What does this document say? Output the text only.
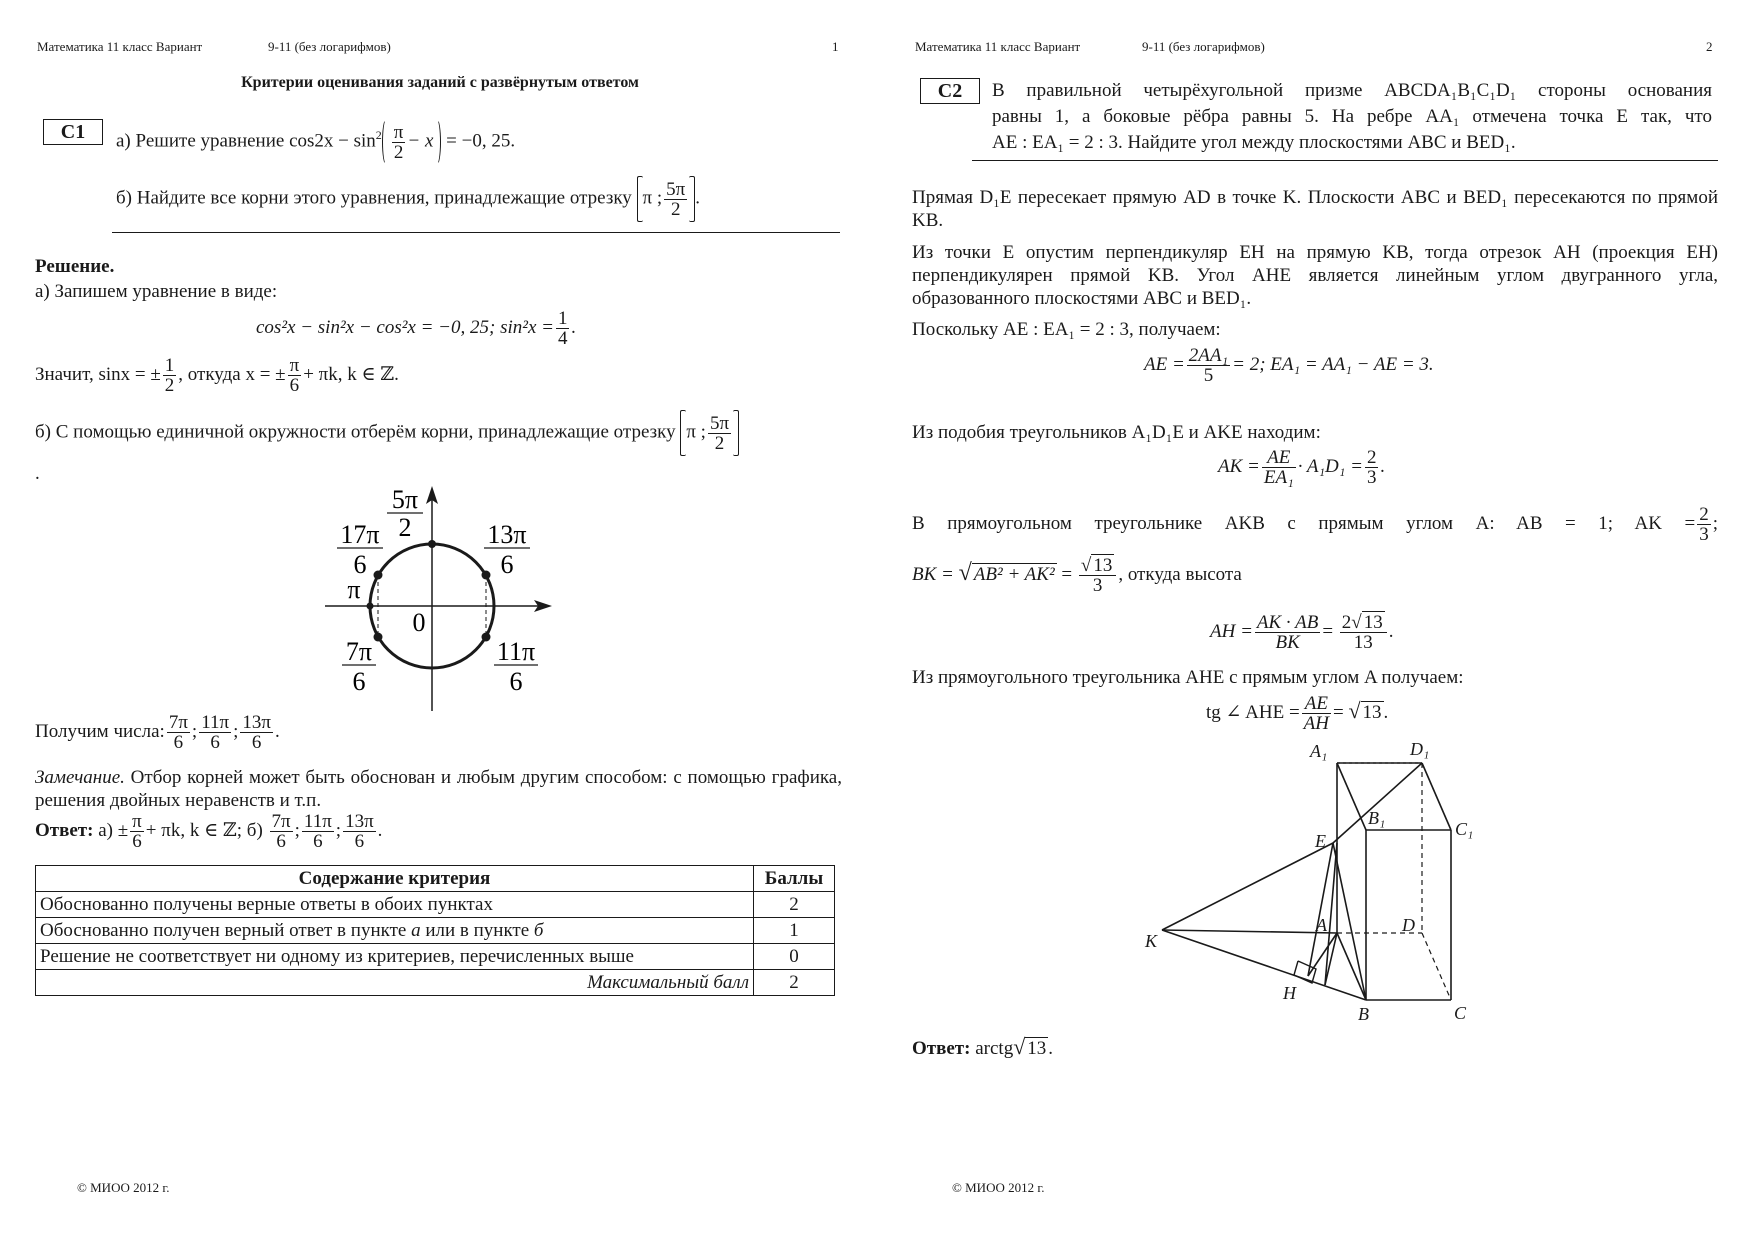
Математика 11 класс Вариант	9-11 (без логарифмов)	1
Критерии оценивания заданий с развёрнутым ответом
С1	а) Решите уравнение $\cos 2x - \sin^2 \frac{\pi}{2} - x = -0$, 25.
б) Найдите все корни этого уравнения, принадлежащие отрезку π ; $\frac{5\pi}{2}$ .
Решение.
а) Запишем уравнение в виде:
cos²x − sin²x − cos²x = −0, 25; $\sin^2x = \frac{1}{4}$ .
Значит, sinx = ± $\frac{1}{2}$ , откуда x = ± $\frac{\pi}{6} + \pi k$, k ∈ ℤ.
б) С помощью единичной окружности отберём корни, принадлежащие отрезку π ; $\frac{5\pi}{2}$
.
5π
2
17π
6
13π
6
π
0
7π
6
11π
6
Получим числа: $\frac{7\pi}{6}$ ; $\frac{11\pi}{6}$ ; $\frac{13\pi}{6}$ .
Замечание. Отбор корней может быть обоснован и любым другим способом: с помощью графика, решения двойных неравенств и т.п.
Ответ: $а) \pm \frac{\pi}{6} + \pi k$, k ∈ ℤ; $б) \frac{7\pi}{6}$ ; $\frac{11\pi}{6}$ ; $\frac{13\pi}{6}$ .
Содержание критерия	Баллы
Обоснованно получены верные ответы в обоих пунктах	2
Обоснованно получен верный ответ в пункте а или в пункте б	1
Решение не соответствует ни одному из критериев, перечисленных выше	0
Максимальный балл	2
© МИОО 2012 г.
Математика 11 класс Вариант	9-11 (без логарифмов)	2
С2	В правильной четырёхугольной призме ABCDA₁B₁C₁D₁ стороны основания
равны 1, а боковые рёбра равны 5. На ребре AA₁ отмечена точка E так, что
AE : EA₁ = 2 : 3. Найдите угол между плоскостями ABC и BED₁.
Прямая D₁E пересекает прямую AD в точке K. Плоскости ABC и BED₁ пересекаются по прямой KB.
Из точки E опустим перпендикуляр EH на прямую KB, тогда отрезок AH (проекция EH) перпендикулярен прямой KB. Угол AHE является линейным углом двугранного угла, образованного плоскостями ABC и BED₁.
Поскольку AE : EA₁ = 2 : 3, получаем:
AE = $\frac{\text{2AA₁}}{5} = 2$; EA₁ = AA₁ − AE = 3.
Из подобия треугольников A₁D₁E и AKE находим:
AK = $\frac{AE}{\text{EA₁}} \cdot A_1D_1 = \frac{2}{3}$ .
В прямоугольном треугольнике AKB с прямым углом A: AB = 1; AK = $\frac{2}{3}$ ;
BK = √ $AB^2 + AK^2 = \frac{√ 13}{3}$ , откуда высота
AH = $\frac{AK \cdot AB}{BK} = \frac{2√ 13}{13}$ .
Из прямоугольного треугольника AHE с прямым углом A получаем:
tg ∠ AHE = $\frac{AE}{AH}$ = √ 13 .
A₁	D₁
E
B₁
C₁
A	D
K
H
B	C
Ответ: arctg√ 13 .
© МИОО 2012 г.
